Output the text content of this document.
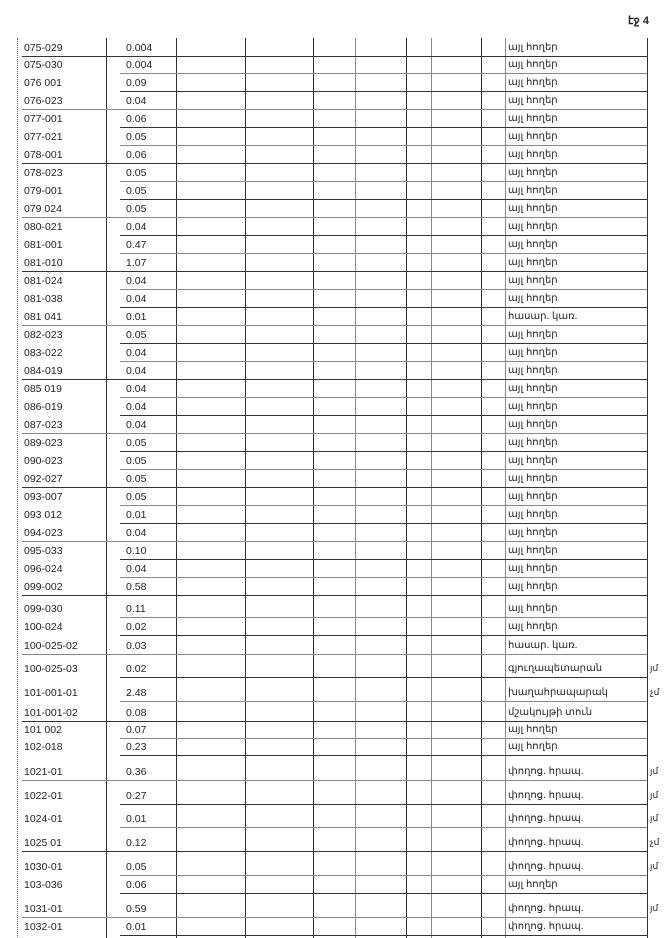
էջ 4
075-029	0.004	այլ հողեր
075-030	0.004	այլ հողեր
076 001	0.09	այլ հողեր
076-023	0.04	այլ հողեր
077-001	0.06	այլ հողեր
077-021	0.05	այլ հողեր
078-001	0.06	այլ հողեր
078-023	0.05	այլ հողեր
079-001	0.05	այլ հողեր
079 024	0.05	այլ հողեր
080-021	0.04	այլ հողեր
081-001	0.47	այլ հողեր
081-010	1.07	այլ հողեր
081-024	0.04	այլ հողեր
081-038	0.04	այլ հողեր
081 041	0.01	հասար. կառ.
082-023	0.05	այլ հողեր
083-022	0.04	այլ հողեր
084-019	0.04	այլ հողեր
085 019	0.04	այլ հողեր
086-019	0.04	այլ հողեր
087-023	0.04	այլ հողեր
089-023	0.05	այլ հողեր
090-023	0.05	այլ հողեր
092-027	0.05	այլ հողեր
093-007	0.05	այլ հողեր
093 012	0.01	այլ հողեր
094-023	0.04	այլ հողեր
095-033	0.10	այլ հողեր
096-024	0.04	այլ հողեր
099-002	0.58	այլ հողեր
099-030	0.11	այլ հողեր
100-024	0.02	այլ հողեր
100-025-02	0.03	հասար. կառ.
100-025-03	0.02	գյուղապետարան	յմ
101-001-01	2.48	խաղահրապարակ	չմ
101-001-02	0.08	մշակույթի տուն
101 002	0.07	այլ հողեր
102-018	0.23	այլ հողեր
1021-01	0.36	փողոց. հրապ.	յմ
1022-01	0.27	փողոց. հրապ.	յմ
1024-01	0.01	փողոց. հրապ.	յմ
1025 01	0.12	փողոց. հրապ.	չմ
1030-01	0.05	փողոց. հրապ.	յմ
103-036	0.06	այլ հողեր
1031-01	0.59	փողոց. հրապ.	յմ
1032-01	0.01	փողոց. հրապ.
